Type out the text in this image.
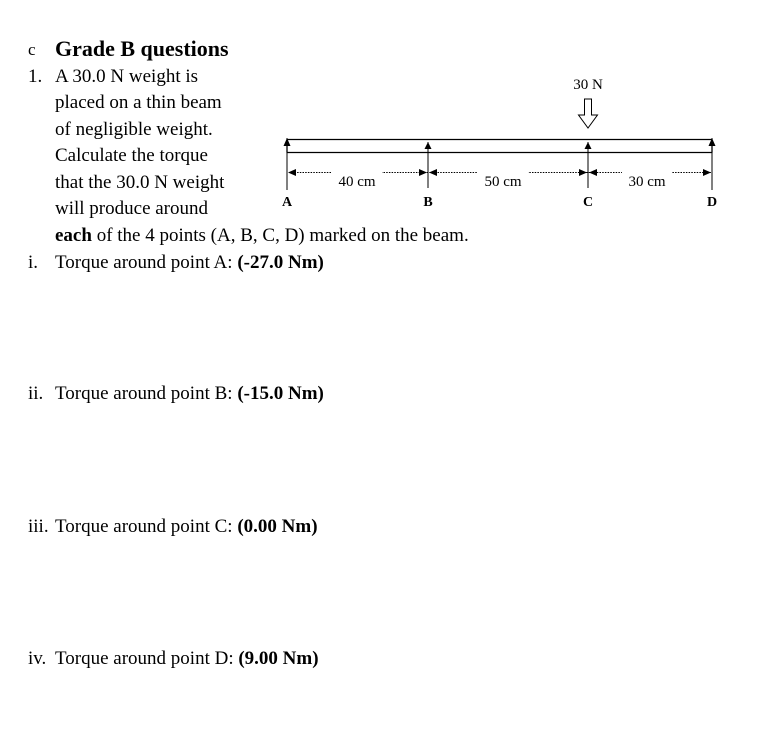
c Grade B questions
1. A 30.0 N weight is
placed on a thin beam
of negligible weight.
Calculate the torque
that the 30.0 N weight
will produce around
each of the 4 points (A, B, C, D) marked on the beam.
30 N
40 cm	50 cm	30 cm
A	B	C	D
i. Torque around point A: (-27.0 Nm)
ii. Torque around point B: (-15.0 Nm)
iii. Torque around point C: (0.00 Nm)
iv. Torque around point D: (9.00 Nm)
